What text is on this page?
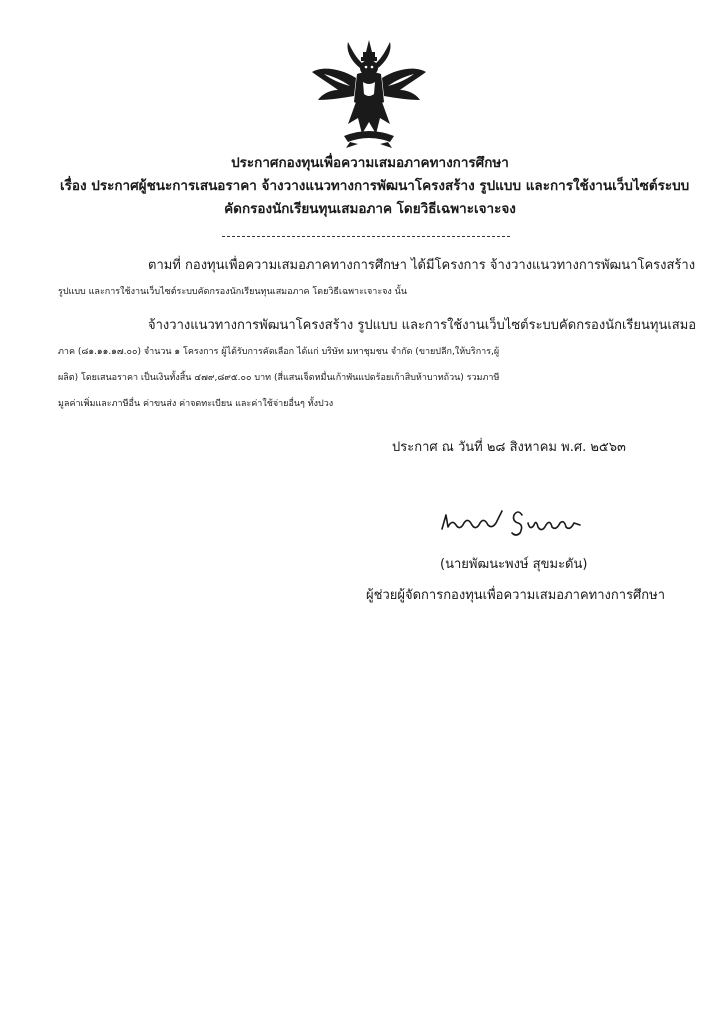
ประกาศกองทุนเพื่อความเสมอภาคทางการศึกษา
เรื่อง ประกาศผู้ชนะการเสนอราคา จ้างวางแนวทางการพัฒนาโครงสร้าง รูปแบบ และการใช้งานเว็บไซต์ระบบ
คัดกรองนักเรียนทุนเสมอภาค โดยวิธีเฉพาะเจาะจง
ตามที่ กองทุนเพื่อความเสมอภาคทางการศึกษา ได้มีโครงการ จ้างวางแนวทางการพัฒนาโครงสร้าง
รูปแบบ และการใช้งานเว็บไซต์ระบบคัดกรองนักเรียนทุนเสมอภาค โดยวิธีเฉพาะเจาะจง นั้น
จ้างวางแนวทางการพัฒนาโครงสร้าง รูปแบบ และการใช้งานเว็บไซต์ระบบคัดกรองนักเรียนทุนเสมอ
ภาค (๘๑.๑๑.๑๗.๐๐) จำนวน ๑ โครงการ ผู้ได้รับการคัดเลือก ได้แก่ บริษัท มหาชุมชน จำกัด (ขายปลีก,ให้บริการ,ผู้
ผลิต) โดยเสนอราคา เป็นเงินทั้งสิ้น ๔๗๙,๘๙๕.๐๐ บาท (สี่แสนเจ็ดหมื่นเก้าพันแปดร้อยเก้าสิบห้าบาทถ้วน) รวมภาษี
มูลค่าเพิ่มและภาษีอื่น ค่าขนส่ง ค่าจดทะเบียน และค่าใช้จ่ายอื่นๆ ทั้งปวง
ประกาศ ณ วันที่ ๒๘ สิงหาคม พ.ศ. ๒๕๖๓
(นายพัฒนะพงษ์ สุขมะดัน)
ผู้ช่วยผู้จัดการกองทุนเพื่อความเสมอภาคทางการศึกษา
